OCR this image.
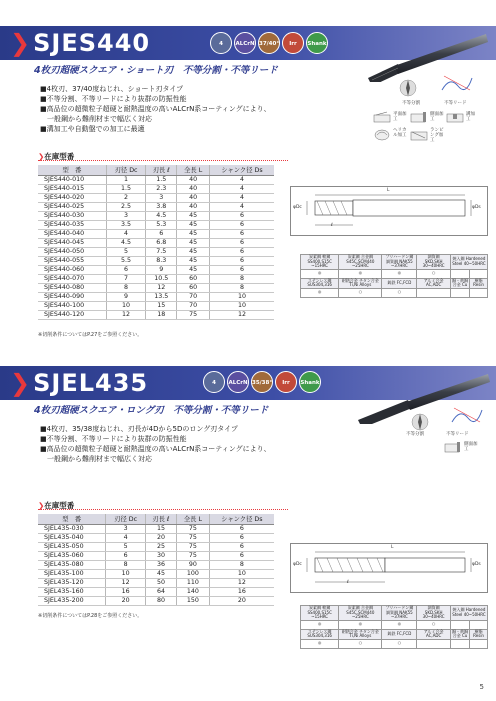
❯SJES440	4	ALCrN 37/40°	Irr	Shank
4枚刃超硬スクエア・ショート刃　不等分割・不等リード
不等分割	不等リード
■4枚刃、37/40度ねじれ、ショート刃タイプ
■不等分割、不等リードにより抜群の防振性能
■高品位の超微粒子超硬と耐熱温度の高いALCrN系コーティングにより、
　一般鋼から難削材まで幅広く対応
■溝加工や自動盤での加工に最適
平面加工
側面加工
溝加工
ヘリカル加工
ランピング加工
❯在庫型番
型　番	刃径 Dc	刃長 ℓ	全長 L	シャンク径 Ds
SJES440-010	1	1.5	40	4
SJES440-015	1.5	2.3	40	4
SJES440-020	2	3	40	4
SJES440-025	2.5	3.8	40	4
SJES440-030	3	4.5	45	6
SJES440-035	3.5	5.3	45	6
SJES440-040	4	6	45	6
SJES440-045	4.5	6.8	45	6
SJES440-050	5	7.5	45	6
SJES440-055	5.5	8.3	45	6
SJES440-060	6	9	45	6
SJES440-070	7	10.5	60	8
SJES440-080	8	12	60	8
SJES440-090	9	13.5	70	10
SJES440-100	10	15	70	10
SJES440-120	12	18	75	12
※切削条件についてはP.27をご参照ください。
L
ℓ
φDc	φDs
炭素鋼 軟鋼 SS400,S15C ~15HRC	炭素鋼 合金鋼 S45C,SCM440 ~25HRC	プリハードン鋼 調質鋼 NAK55 ~37HRC	調質鋼 SKD,SKH 30~40HRC	焼入鋼 Hardened Steel 40~50HRC	
◎	◎	◎	○		
ステンレス鋼 SUS304,316	耐熱合金 チタン合金 Ti,Ni Alloys	鋳鉄 FC,FCD	アルミ合金 AC,ADC	銅・黄銅合金 Cu	樹脂 Resin
◎	○	○			
❯SJEL435	4	ALCrN 35/38°	Irr	Shank
4枚刃超硬スクエア・ロング刃　不等分割・不等リード
不等分割	不等リード
■4枚刃、35/38度ねじれ、刃長が4Dから5Dのロング刃タイプ
■不等分割、不等リードにより抜群の防振性能
■高品位の超微粒子超硬と耐熱温度の高いALCrN系コーティングにより、
　一般鋼から難削材まで幅広く対応
側面加工
❯在庫型番
型　番	刃径 Dc	刃長 ℓ	全長 L	シャンク径 Ds
SJEL435-030	3	15	75	6
SJEL435-040	4	20	75	6
SJEL435-050	5	25	75	6
SJEL435-060	6	30	75	6
SJEL435-080	8	36	90	8
SJEL435-100	10	45	100	10
SJEL435-120	12	50	110	12
SJEL435-160	16	64	140	16
SJEL435-200	20	80	150	20
※切削条件についてはP.28をご参照ください。
L
ℓ
φDc	φDs
炭素鋼 軟鋼 SS400,S15C ~15HRC	炭素鋼 合金鋼 S45C,SCM440 ~25HRC	プリハードン鋼 調質鋼 NAK55 ~37HRC	調質鋼 SKD,SKH 30~40HRC	焼入鋼 Hardened Steel 40~50HRC	
◎	◎	◎	○		
ステンレス鋼 SUS304,316	耐熱合金 チタン合金 Ti,Ni Alloys	鋳鉄 FC,FCD	アルミ合金 AC,ADC	銅・黄銅合金 Cu	樹脂 Resin
◎	○	○			
5
